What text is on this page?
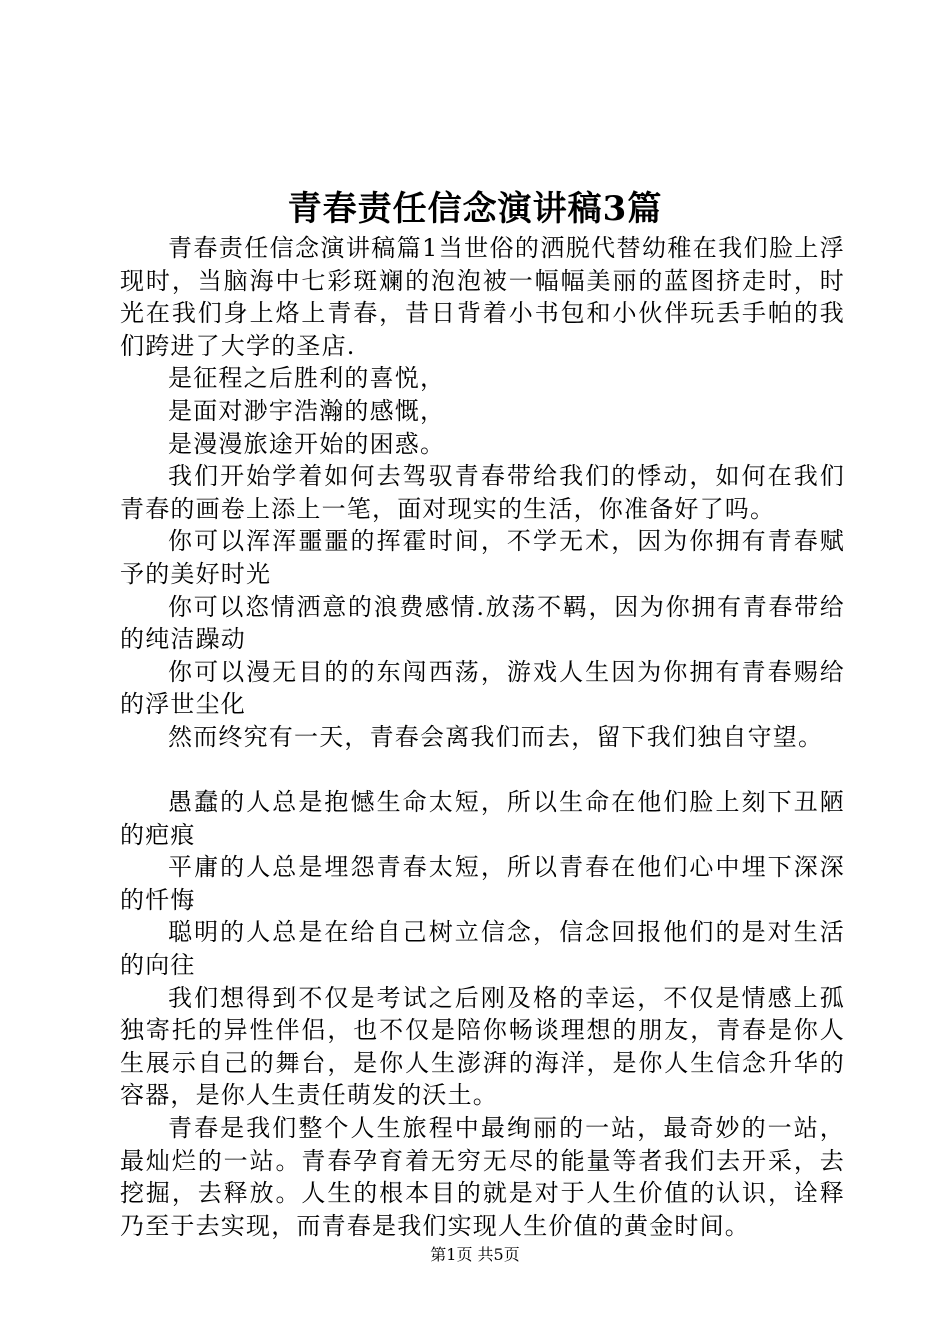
青春责任信念演讲稿3篇

青春责任信念演讲稿篇1当世俗的洒脱代替幼稚在我们脸上浮现时，当脑海中七彩斑斓的泡泡被一幅幅美丽的蓝图挤走时，时光在我们身上烙上青春，昔日背着小书包和小伙伴玩丢手帕的我们跨进了大学的圣店.

是征程之后胜利的喜悦，

是面对渺宇浩瀚的感慨，

是漫漫旅途开始的困惑。

我们开始学着如何去驾驭青春带给我们的悸动，如何在我们青春的画卷上添上一笔，面对现实的生活，你准备好了吗。

你可以浑浑噩噩的挥霍时间，不学无术，因为你拥有青春赋予的美好时光

你可以恣情洒意的浪费感情.放荡不羁，因为你拥有青春带给的纯洁躁动

你可以漫无目的的东闯西荡，游戏人生因为你拥有青春赐给的浮世尘化

然而终究有一天，青春会离我们而去，留下我们独自守望。

愚蠢的人总是抱憾生命太短，所以生命在他们脸上刻下丑陋的疤痕

平庸的人总是埋怨青春太短，所以青春在他们心中埋下深深的忏悔

聪明的人总是在给自己树立信念，信念回报他们的是对生活的向往

我们想得到不仅是考试之后刚及格的幸运，不仅是情感上孤独寄托的异性伴侣，也不仅是陪你畅谈理想的朋友，青春是你人生展示自己的舞台，是你人生澎湃的海洋，是你人生信念升华的容器，是你人生责任萌发的沃土。

青春是我们整个人生旅程中最绚丽的一站，最奇妙的一站，最灿烂的一站。青春孕育着无穷无尽的能量等者我们去开采，去挖掘，去释放。人生的根本目的就是对于人生价值的认识，诠释乃至于去实现，而青春是我们实现人生价值的黄金时间。

第1页 共5页
